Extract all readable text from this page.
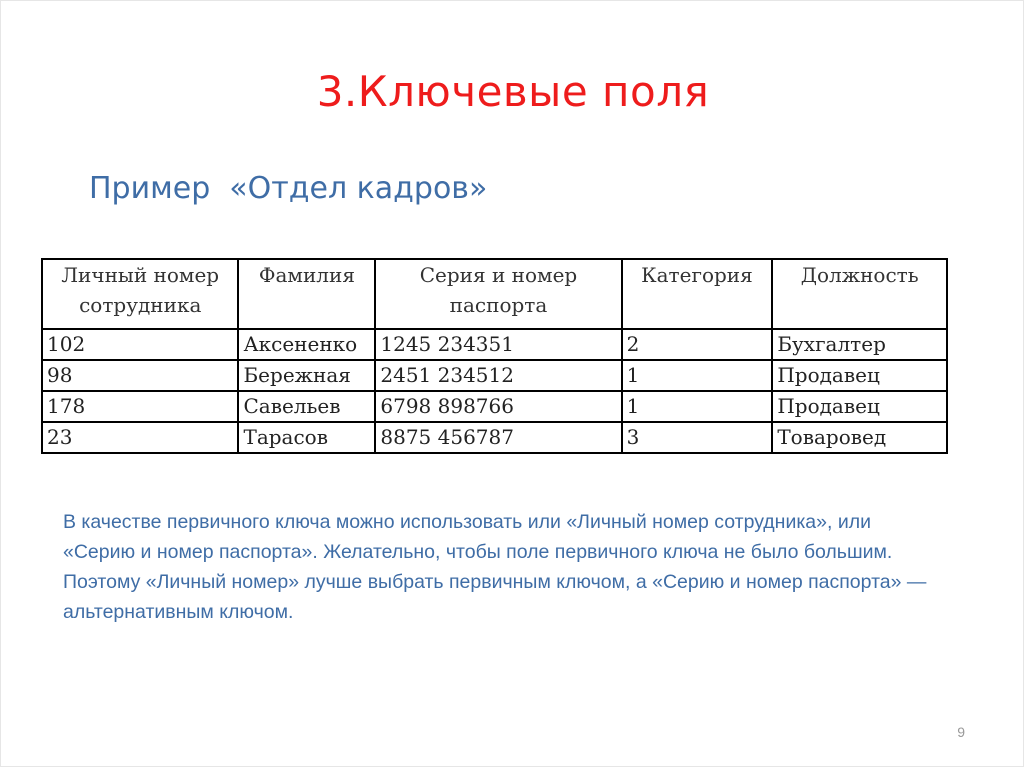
3.Ключевые поля
Пример  «Отдел кадров»
Личный номер сотрудника	Фамилия	Серия и номер паспорта	Категория	Должность
102	Аксененко	1245 234351	2	Бухгалтер
98	Бережная	2451 234512	1	Продавец
178	Савельев	6798 898766	1	Продавец
23	Тарасов	8875 456787	3	Товаровед
В качестве первичного ключа можно использовать или «Личный номер сотрудника», или «Серию и номер паспорта». Желательно, чтобы поле первичного ключа не было большим. Поэтому «Личный номер» лучше выбрать первичным ключом, а «Серию и номер паспорта» — альтернативным ключом.
9
